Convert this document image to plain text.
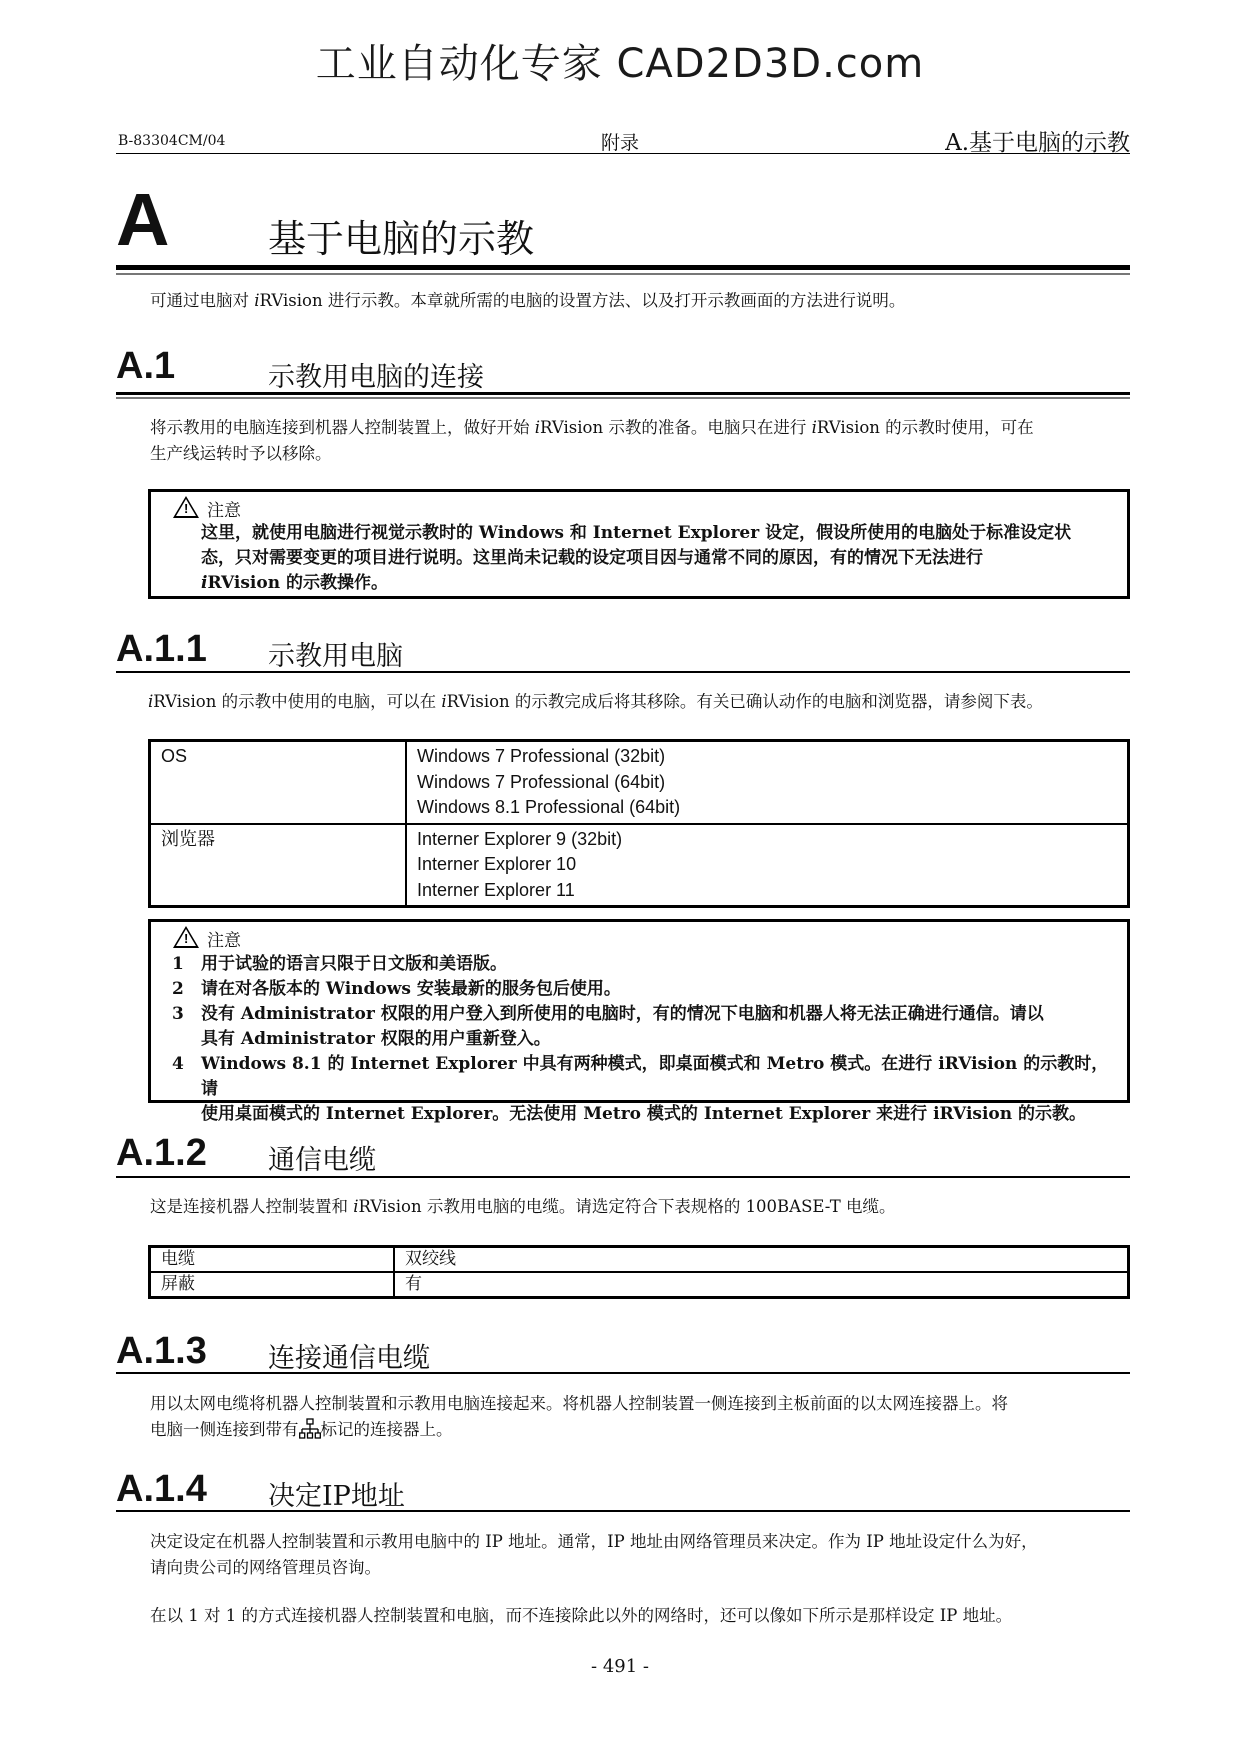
工业自动化专家 CAD2D3D.com
B-83304CM/04	附录	A.基于电脑的示教
A	基于电脑的示教
可通过电脑对 iRVision 进行示教。本章就所需的电脑的设置方法、以及打开示教画面的方法进行说明。
A.1	示教用电脑的连接
将示教用的电脑连接到机器人控制装置上，做好开始 iRVision 示教的准备。电脑只在进行 iRVision 的示教时使用，可在
生产线运转时予以移除。
! 注意
这里，就使用电脑进行视觉示教时的 Windows 和 Internet Explorer 设定，假设所使用的电脑处于标准设定状
态，只对需要变更的项目进行说明。这里尚未记载的设定项目因与通常不同的原因，有的情况下无法进行
iRVision 的示教操作。
A.1.1 示教用电脑
iRVision 的示教中使用的电脑，可以在 iRVision 的示教完成后将其移除。有关已确认动作的电脑和浏览器，请参阅下表。
OS	Windows 7 Professional (32bit)
Windows 7 Professional (64bit)
Windows 8.1 Professional (64bit)

浏览器	Interner Explorer 9 (32bit)
Interner Explorer 10
Interner Explorer 11
! 注意
1 用于试验的语言只限于日文版和美语版。
2 请在对各版本的 Windows 安装最新的服务包后使用。
3 没有 Administrator 权限的用户登入到所使用的电脑时，有的情况下电脑和机器人将无法正确进行通信。请以
具有 Administrator 权限的用户重新登入。
4 Windows 8.1 的 Internet Explorer 中具有两种模式，即桌面模式和 Metro 模式。在进行 iRVision 的示教时，请
使用桌面模式的 Internet Explorer。无法使用 Metro 模式的 Internet Explorer 来进行 iRVision 的示教。
A.1.2 通信电缆
这是连接机器人控制装置和 iRVision 示教用电脑的电缆。请选定符合下表规格的 100BASE-T 电缆。
电缆	双绞线
屏蔽	有
A.1.3 连接通信电缆
用以太网电缆将机器人控制装置和示教用电脑连接起来。将机器人控制装置一侧连接到主板前面的以太网连接器上。将
电脑一侧连接到带有 标记的连接器上。
A.1.4 决定IP地址
决定设定在机器人控制装置和示教用电脑中的 IP 地址。通常，IP 地址由网络管理员来决定。作为 IP 地址设定什么为好，
请向贵公司的网络管理员咨询。
在以 1 对 1 的方式连接机器人控制装置和电脑，而不连接除此以外的网络时，还可以像如下所示是那样设定 IP 地址。
- 491 -
